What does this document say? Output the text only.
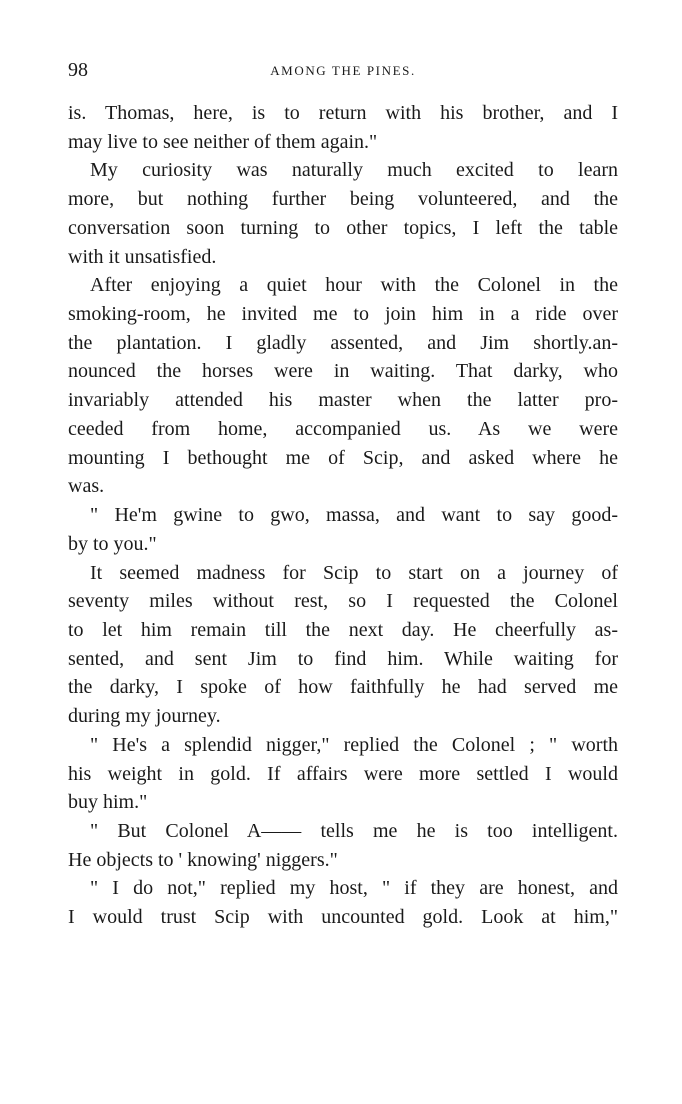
98	AMONG THE PINES.
is. Thomas, here, is to return with his brother, and I
may live to see neither of them again."
My curiosity was naturally much excited to learn
more, but nothing further being volunteered, and the
conversation soon turning to other topics, I left the table
with it unsatisfied.
After enjoying a quiet hour with the Colonel in the
smoking-room, he invited me to join him in a ride over
the plantation. I gladly assented, and Jim shortly.an-
nounced the horses were in waiting. That darky, who
invariably attended his master when the latter pro-
ceeded from home, accompanied us. As we were
mounting I bethought me of Scip, and asked where he
was.
" He'm gwine to gwo, massa, and want to say good-
by to you."
It seemed madness for Scip to start on a journey of
seventy miles without rest, so I requested the Colonel
to let him remain till the next day. He cheerfully as-
sented, and sent Jim to find him. While waiting for
the darky, I spoke of how faithfully he had served me
during my journey.
" He's a splendid nigger," replied the Colonel ; " worth
his weight in gold. If affairs were more settled I would
buy him."
" But Colonel A—— tells me he is too intelligent.
He objects to ' knowing' niggers."
" I do not," replied my host, " if they are honest, and
I would trust Scip with uncounted gold. Look at him,"
